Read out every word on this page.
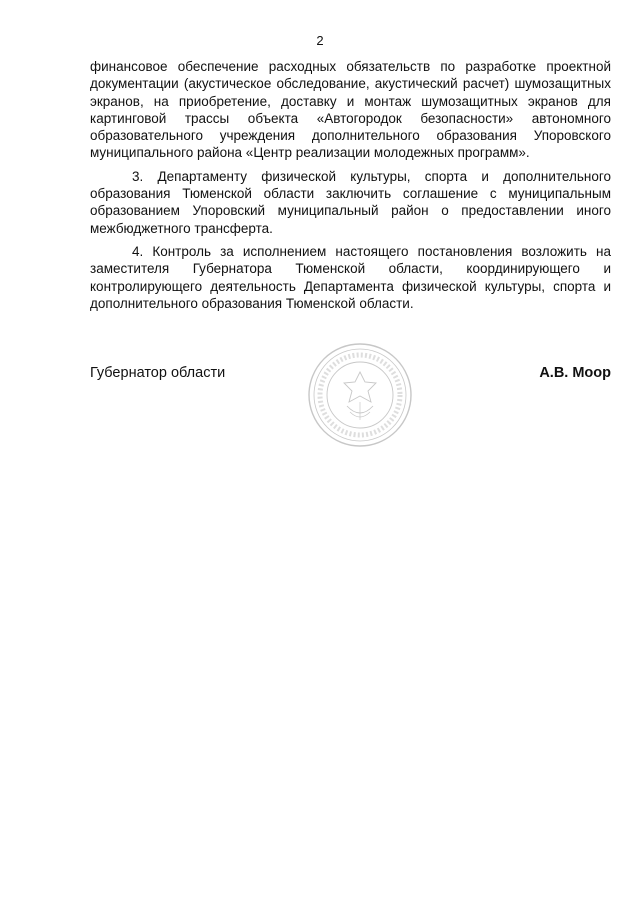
2

финансовое обеспечение расходных обязательств по разработке проектной документации (акустическое обследование, акустический расчет) шумозащитных экранов, на приобретение, доставку и монтаж шумозащитных экранов для картинговой трассы объекта «Автогородок безопасности» автономного образовательного учреждения дополнительного образования Упоровского муниципального района «Центр реализации молодежных программ».

3. Департаменту физической культуры, спорта и дополнительного образования Тюменской области заключить соглашение с муниципальным образованием Упоровский муниципальный район о предоставлении иного межбюджетного трансферта.

4. Контроль за исполнением настоящего постановления возложить на заместителя Губернатора Тюменской области, координирующего и контролирующего деятельность Департамента физической культуры, спорта и дополнительного образования Тюменской области.

Губернатор области	А.В. Моор
